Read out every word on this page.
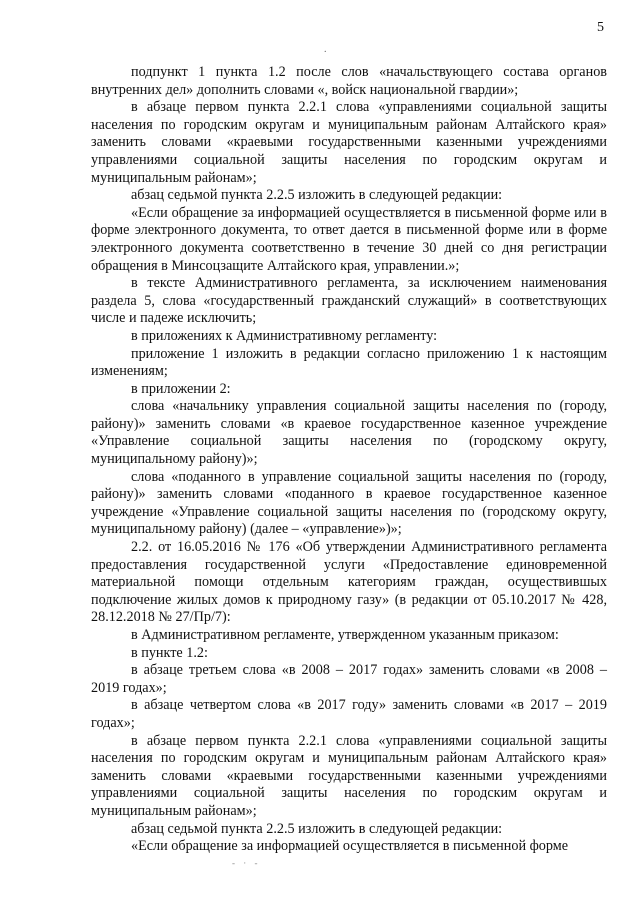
5
.

подпункт 1 пункта 1.2 после слов «начальствующего состава органов внутренних дел» дополнить словами «, войск национальной гвардии»;

в абзаце первом пункта 2.2.1 слова «управлениями социальной защиты населения по городским округам и муниципальным районам Алтайского края» заменить словами «краевыми государственными казенными учреждениями управлениями социальной защиты населения по городским округам и муниципальным районам»;

абзац седьмой пункта 2.2.5 изложить в следующей редакции:

«Если обращение за информацией осуществляется в письменной форме или в форме электронного документа, то ответ дается в письменной форме или в форме электронного документа соответственно в течение 30 дней со дня регистрации обращения в Минсоцзащите Алтайского края, управлении.»;

в тексте Административного регламента, за исключением наименования раздела 5, слова «государственный гражданский служащий» в соответствующих числе и падеже исключить;

в приложениях к Административному регламенту:

приложение 1 изложить в редакции согласно приложению 1 к настоящим изменениям;

в приложении 2:

слова «начальнику управления социальной защиты населения по (городу, району)» заменить словами «в краевое государственное казенное учреждение «Управление социальной защиты населения по (городскому округу, муниципальному району)»;

слова «поданного в управление социальной защиты населения по (городу, району)» заменить словами «поданного в краевое государственное казенное учреждение «Управление социальной защиты населения по (городскому округу, муниципальному району) (далее – «управление»)»;

2.2. от 16.05.2016 № 176 «Об утверждении Административного регламента предоставления государственной услуги «Предоставление единовременной материальной помощи отдельным категориям граждан, осуществившых подключение жилых домов к природному газу» (в редакции от 05.10.2017 № 428, 28.12.2018 № 27/Пр/7):

в Административном регламенте, утвержденном указанным приказом:

в пункте 1.2:

в абзаце третьем слова «в 2008 – 2017 годах» заменить словами «в 2008 – 2019 годах»;

в абзаце четвертом слова «в 2017 году» заменить словами «в 2017 – 2019 годах»;

в абзаце первом пункта 2.2.1 слова «управлениями социальной защиты населения по городским округам и муниципальным районам Алтайского края» заменить словами «краевыми государственными казенными учреждениями управлениями социальной защиты населения по городским округам и муниципальным районам»;

абзац седьмой пункта 2.2.5 изложить в следующей редакции:

«Если обращение за информацией осуществляется в письменной форме

- · -
